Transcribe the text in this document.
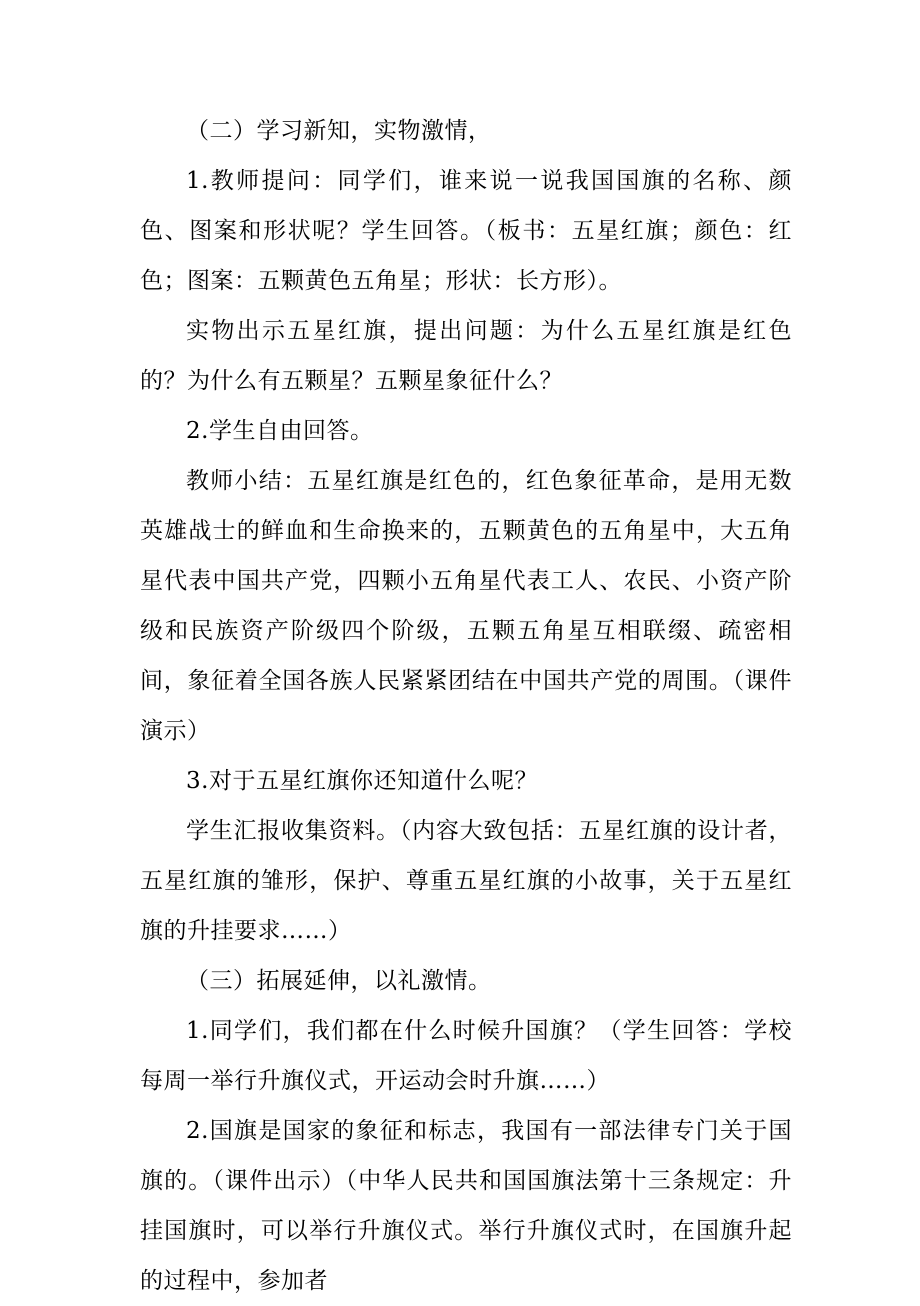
（二）学习新知，实物激情，

1.教师提问：同学们，谁来说一说我国国旗的名称、颜色、图案和形状呢？学生回答。（板书：五星红旗；颜色：红色；图案：五颗黄色五角星；形状：长方形）。

实物出示五星红旗，提出问题：为什么五星红旗是红色的？为什么有五颗星？五颗星象征什么？

2.学生自由回答。

教师小结：五星红旗是红色的，红色象征革命，是用无数英雄战士的鲜血和生命换来的，五颗黄色的五角星中，大五角星代表中国共产党，四颗小五角星代表工人、农民、小资产阶级和民族资产阶级四个阶级，五颗五角星互相联缀、疏密相间，象征着全国各族人民紧紧团结在中国共产党的周围。（课件演示）

3.对于五星红旗你还知道什么呢？

学生汇报收集资料。（内容大致包括：五星红旗的设计者，五星红旗的雏形，保护、尊重五星红旗的小故事，关于五星红旗的升挂要求……）

（三）拓展延伸，以礼激情。

1.同学们，我们都在什么时候升国旗？（学生回答：学校每周一举行升旗仪式，开运动会时升旗……）

2.国旗是国家的象征和标志，我国有一部法律专门关于国旗的。（课件出示）（中华人民共和国国旗法第十三条规定：升挂国旗时，可以举行升旗仪式。举行升旗仪式时，在国旗升起的过程中，参加者
